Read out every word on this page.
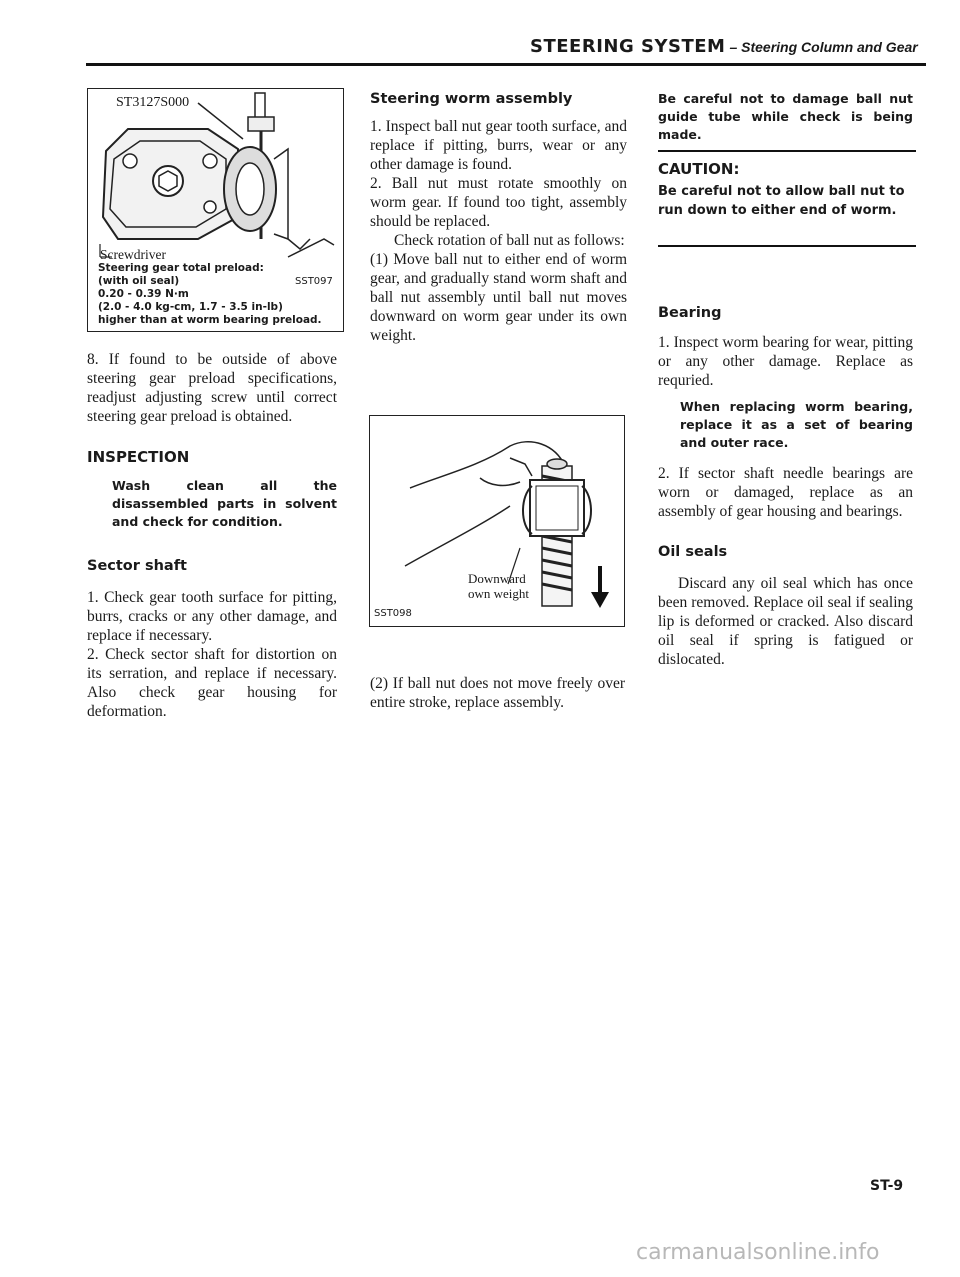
STEERING SYSTEM – Steering Column and Gear
ST3127S000
Screwdriver
Steering gear total preload:
(with oil seal)
0.20 - 0.39 N·m
(2.0 - 4.0 kg-cm, 1.7 - 3.5 in-lb)
higher than at worm bearing preload.
SST097

8. If found to be outside of above steering gear preload specifications, readjust adjusting screw until correct steering gear preload is obtained.

INSPECTION
Wash clean all the disassembled parts in solvent and check for condition.
Sector shaft

1. Check gear tooth surface for pitting, burrs, cracks or any other damage, and replace if necessary.

2. Check sector shaft for distortion on its serration, and replace if necessary. Also check gear housing for deformation.

Steering worm assembly

1. Inspect ball nut gear tooth surface, and replace if pitting, burrs, wear or any other damage is found.

2. Ball nut must rotate smoothly on worm gear. If found too tight, assembly should be replaced.

Check rotation of ball nut as follows:

(1) Move ball nut to either end of worm gear, and gradually stand worm shaft and ball nut assembly until ball nut moves downward on worm gear under its own weight.

Downward
own weight
SST098

(2) If ball nut does not move freely over entire stroke, replace assembly.

Be careful not to damage ball nut guide tube while check is being made.
CAUTION:
Be careful not to allow ball nut to run down to either end of worm.
Bearing

1. Inspect worm bearing for wear, pitting or any other damage. Replace as requried.

When replacing worm bearing, replace it as a set of bearing and outer race.

2. If sector shaft needle bearings are worn or damaged, replace as an assembly of gear housing and bearings.

Oil seals

Discard any oil seal which has once been removed. Replace oil seal if sealing lip is deformed or cracked. Also discard oil seal if spring is fatigued or dislocated.

ST-9
carmanualsonline.info
